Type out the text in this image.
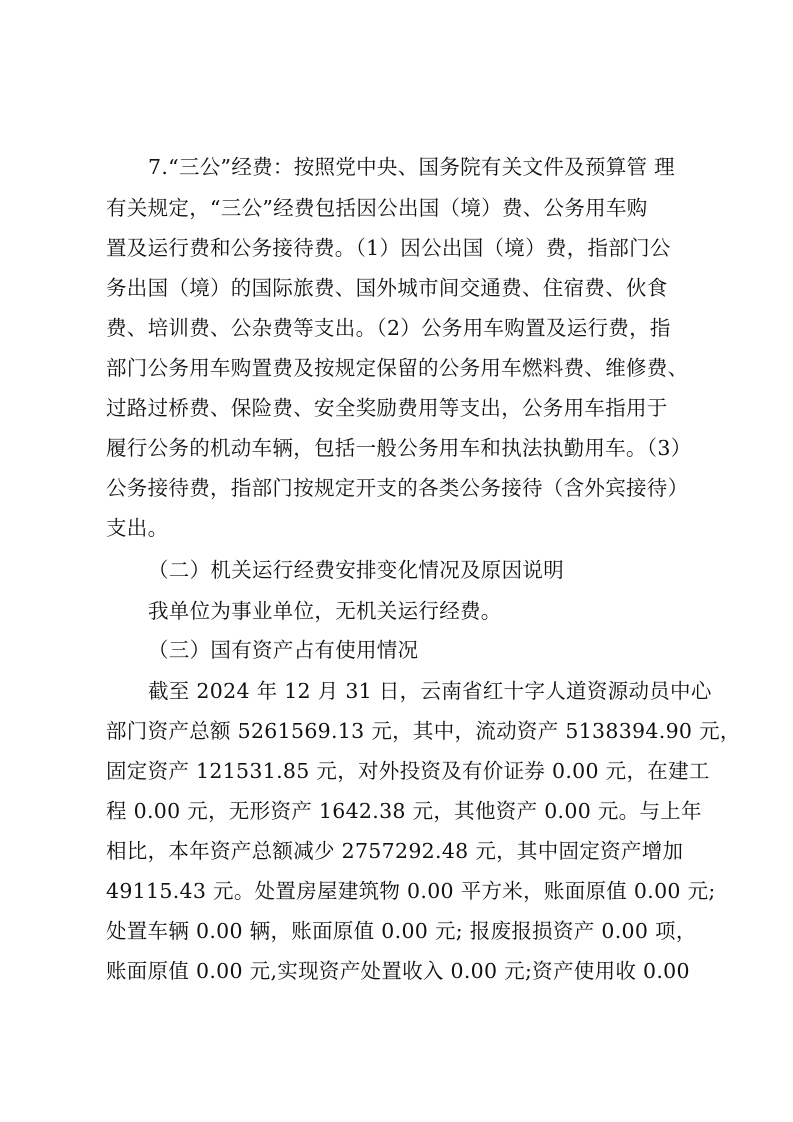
7.“三公”经费：按照党中央、国务院有关文件及预算管 理
有关规定，“三公”经费包括因公出国（境）费、公务用车购
置及运行费和公务接待费。（1）因公出国（境）费，指部门公
务出国（境）的国际旅费、国外城市间交通费、住宿费、伙食
费、培训费、公杂费等支出。（2）公务用车购置及运行费，指
部门公务用车购置费及按规定保留的公务用车燃料费、维修费、
过路过桥费、保险费、安全奖励费用等支出，公务用车指用于
履行公务的机动车辆，包括一般公务用车和执法执勤用车。（3）
公务接待费，指部门按规定开支的各类公务接待（含外宾接待）
支出。
（二）机关运行经费安排变化情况及原因说明
我单位为事业单位，无机关运行经费。
（三）国有资产占有使用情况
截至 2024 年 12 月 31 日，云南省红十字人道资源动员中心
部门资产总额 5261569.13 元，其中，流动资产 5138394.90 元，
固定资产 121531.85 元，对外投资及有价证券 0.00 元，在建工
程 0.00 元，无形资产 1642.38 元，其他资产 0.00 元。与上年
相比，本年资产总额减少 2757292.48 元，其中固定资产增加
49115.43 元。处置房屋建筑物 0.00 平方米，账面原值 0.00 元;
处置车辆 0.00 辆，账面原值 0.00 元; 报废报损资产 0.00 项，
账面原值 0.00 元,实现资产处置收入 0.00 元;资产使用收 0.00
